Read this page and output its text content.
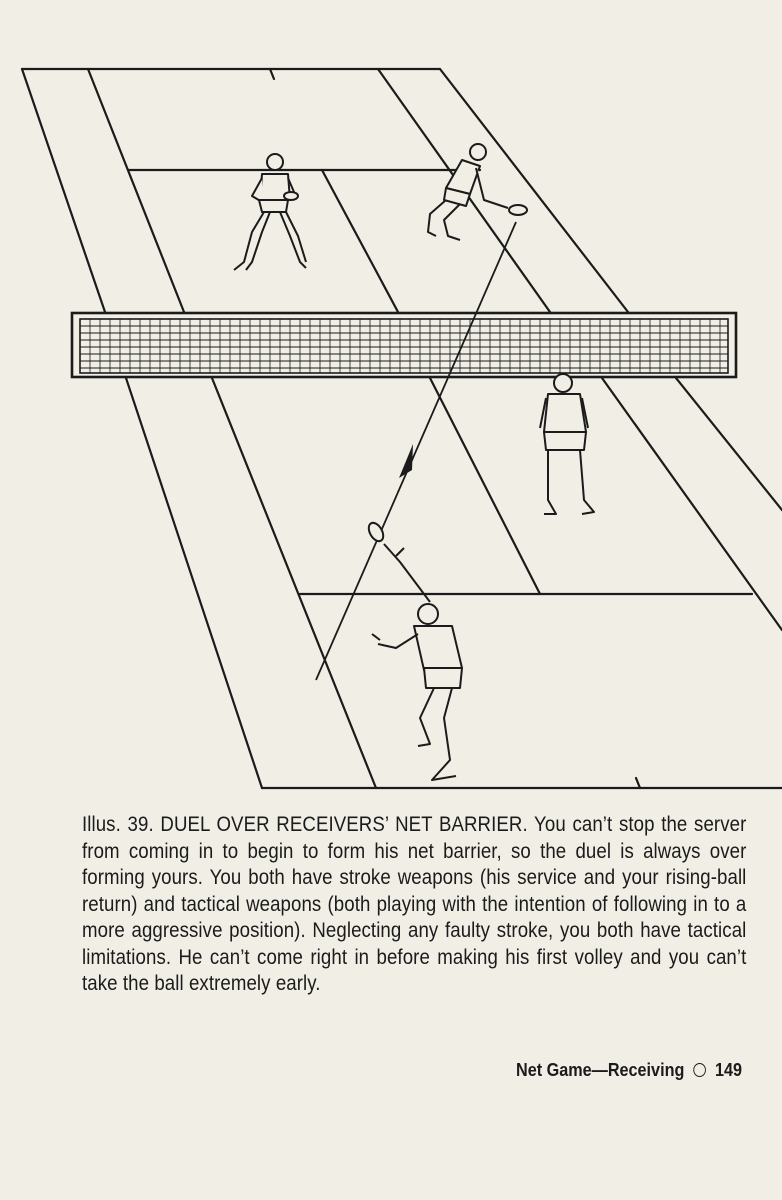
Illus. 39. DUEL OVER RECEIVERS’ NET BARRIER. You can’t stop the server from coming in to begin to form his net barrier, so the duel is always over forming yours. You both have stroke weapons (his service and your rising-ball return) and tactical weapons (both playing with the intention of following in to a more aggressive position). Neglecting any faulty stroke, you both have tactical limitations. He can’t come right in before making his first volley and you can’t take the ball extremely early.
Net Game—Receiving 149
